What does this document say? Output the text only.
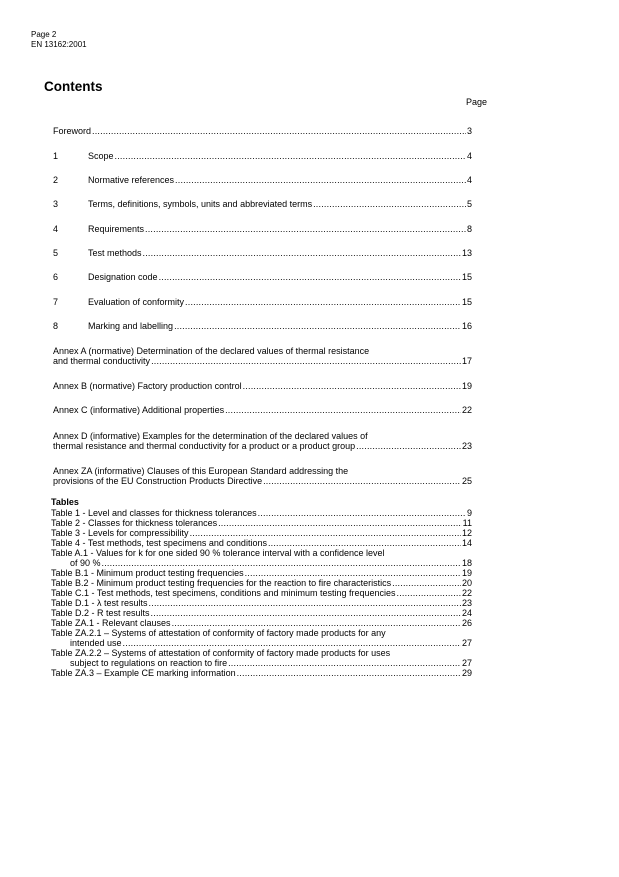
Page 2
EN 13162:2001
Contents
Page
Foreword .....	3
1	Scope .....	4
2	Normative references .....	4
3	Terms, definitions, symbols, units and abbreviated terms .....	5
4	Requirements .....	8
5	Test methods .....	13
6	Designation code .....	15
7	Evaluation of conformity .....	15
8	Marking and labelling .....	16
Annex A (normative) Determination of the declared values of thermal resistance
and thermal conductivity .....	17
Annex B (normative) Factory production control .....	19
Annex C (informative) Additional properties .....	22
Annex D (informative) Examples for the determination of the declared values of
thermal resistance and thermal conductivity for a product or a product group .....	23
Annex ZA (informative) Clauses of this European Standard addressing the
provisions of the EU Construction Products Directive .....	25
Tables
Table 1 - Level and classes for thickness tolerances .....	9
Table 2 - Classes for thickness tolerances .....	11
Table 3 - Levels for compressibility .....	12
Table 4 - Test methods, test specimens and conditions .....	14
Table A.1 - Values for k for one sided 90 % tolerance interval with a confidence level
of 90 % .....	18
Table B.1 - Minimum product testing frequencies .....	19
Table B.2 - Minimum product testing frequencies for the reaction to fire characteristics .....	20
Table C.1 - Test methods, test specimens, conditions and minimum testing frequencies .....	22
Table D.1 - λ test results .....	23
Table D.2 - R test results .....	24
Table ZA.1 - Relevant clauses .....	26
Table ZA.2.1 – Systems of attestation of conformity of factory made products for any
intended use .....	27
Table ZA.2.2 – Systems of attestation of conformity of factory made products for uses
subject to regulations on reaction to fire .....	27
Table ZA.3 – Example CE marking information .....	29
